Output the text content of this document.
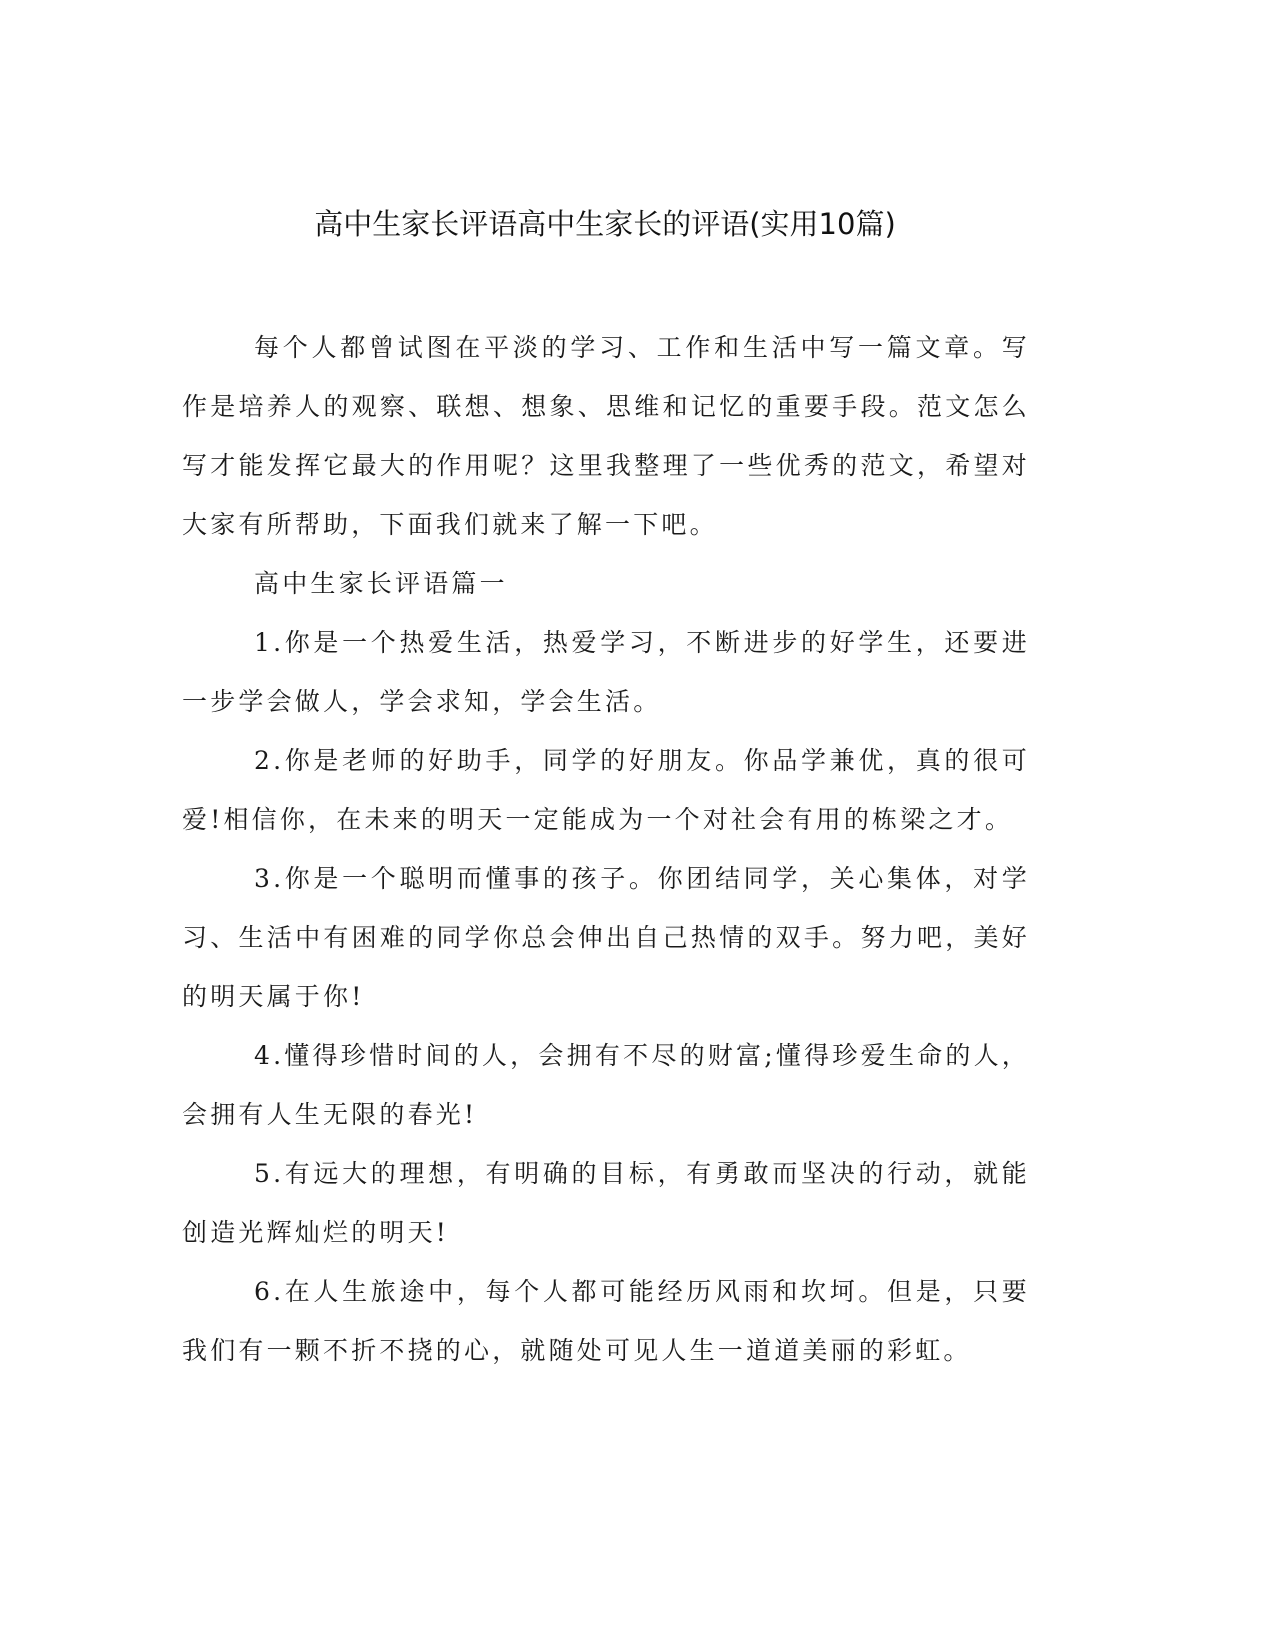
高中生家长评语高中生家长的评语(实用10篇)

每个人都曾试图在平淡的学习、工作和生活中写一篇文章。写作是培养人的观察、联想、想象、思维和记忆的重要手段。范文怎么写才能发挥它最大的作用呢？这里我整理了一些优秀的范文，希望对大家有所帮助，下面我们就来了解一下吧。

高中生家长评语篇一

1.你是一个热爱生活，热爱学习，不断进步的好学生，还要进一步学会做人，学会求知，学会生活。

2.你是老师的好助手，同学的好朋友。你品学兼优，真的很可爱!相信你，在未来的明天一定能成为一个对社会有用的栋梁之才。

3.你是一个聪明而懂事的孩子。你团结同学，关心集体，对学习、生活中有困难的同学你总会伸出自己热情的双手。努力吧，美好的明天属于你!

4.懂得珍惜时间的人，会拥有不尽的财富;懂得珍爱生命的人，会拥有人生无限的春光!

5.有远大的理想，有明确的目标，有勇敢而坚决的行动，就能创造光辉灿烂的明天!

6.在人生旅途中，每个人都可能经历风雨和坎坷。但是，只要我们有一颗不折不挠的心，就随处可见人生一道道美丽的彩虹。
